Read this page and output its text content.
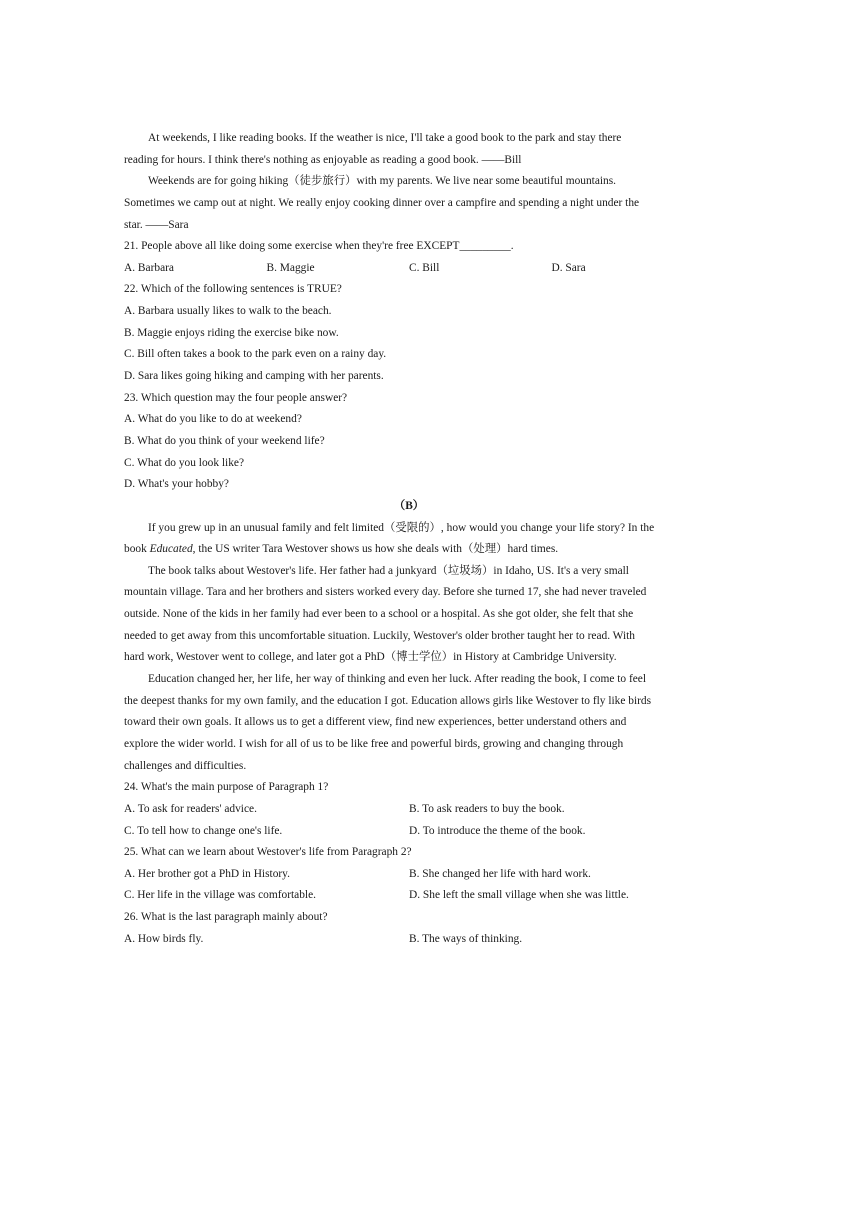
At weekends, I like reading books. If the weather is nice, I'll take a good book to the park and stay there
reading for hours. I think there's nothing as enjoyable as reading a good book. ——Bill
Weekends are for going hiking（徒步旅行）with my parents. We live near some beautiful mountains.
Sometimes we camp out at night. We really enjoy cooking dinner over a campfire and spending a night under the
star. ——Sara
21. People above all like doing some exercise when they're free EXCEPT_________.
A. Barbara	B. Maggie	C. Bill	D. Sara
22. Which of the following sentences is TRUE?
A. Barbara usually likes to walk to the beach.
B. Maggie enjoys riding the exercise bike now.
C. Bill often takes a book to the park even on a rainy day.
D. Sara likes going hiking and camping with her parents.
23. Which question may the four people answer?
A. What do you like to do at weekend?
B. What do you think of your weekend life?
C. What do you look like?
D. What's your hobby?
（B）
If you grew up in an unusual family and felt limited（受限的）, how would you change your life story? In the
book Educated, the US writer Tara Westover shows us how she deals with（处理）hard times.
The book talks about Westover's life. Her father had a junkyard（垃圾场）in Idaho, US. It's a very small
mountain village. Tara and her brothers and sisters worked every day. Before she turned 17, she had never traveled
outside. None of the kids in her family had ever been to a school or a hospital. As she got older, she felt that she
needed to get away from this uncomfortable situation. Luckily, Westover's older brother taught her to read. With
hard work, Westover went to college, and later got a PhD（博士学位）in History at Cambridge University.
Education changed her, her life, her way of thinking and even her luck. After reading the book, I come to feel
the deepest thanks for my own family, and the education I got. Education allows girls like Westover to fly like birds
toward their own goals. It allows us to get a different view, find new experiences, better understand others and
explore the wider world. I wish for all of us to be like free and powerful birds, growing and changing through
challenges and difficulties.
24. What's the main purpose of Paragraph 1?
A. To ask for readers' advice.	B. To ask readers to buy the book.
C. To tell how to change one's life.	D. To introduce the theme of the book.
25. What can we learn about Westover's life from Paragraph 2?
A. Her brother got a PhD in History.	B. She changed her life with hard work.
C. Her life in the village was comfortable.	D. She left the small village when she was little.
26. What is the last paragraph mainly about?
A. How birds fly.	B. The ways of thinking.
